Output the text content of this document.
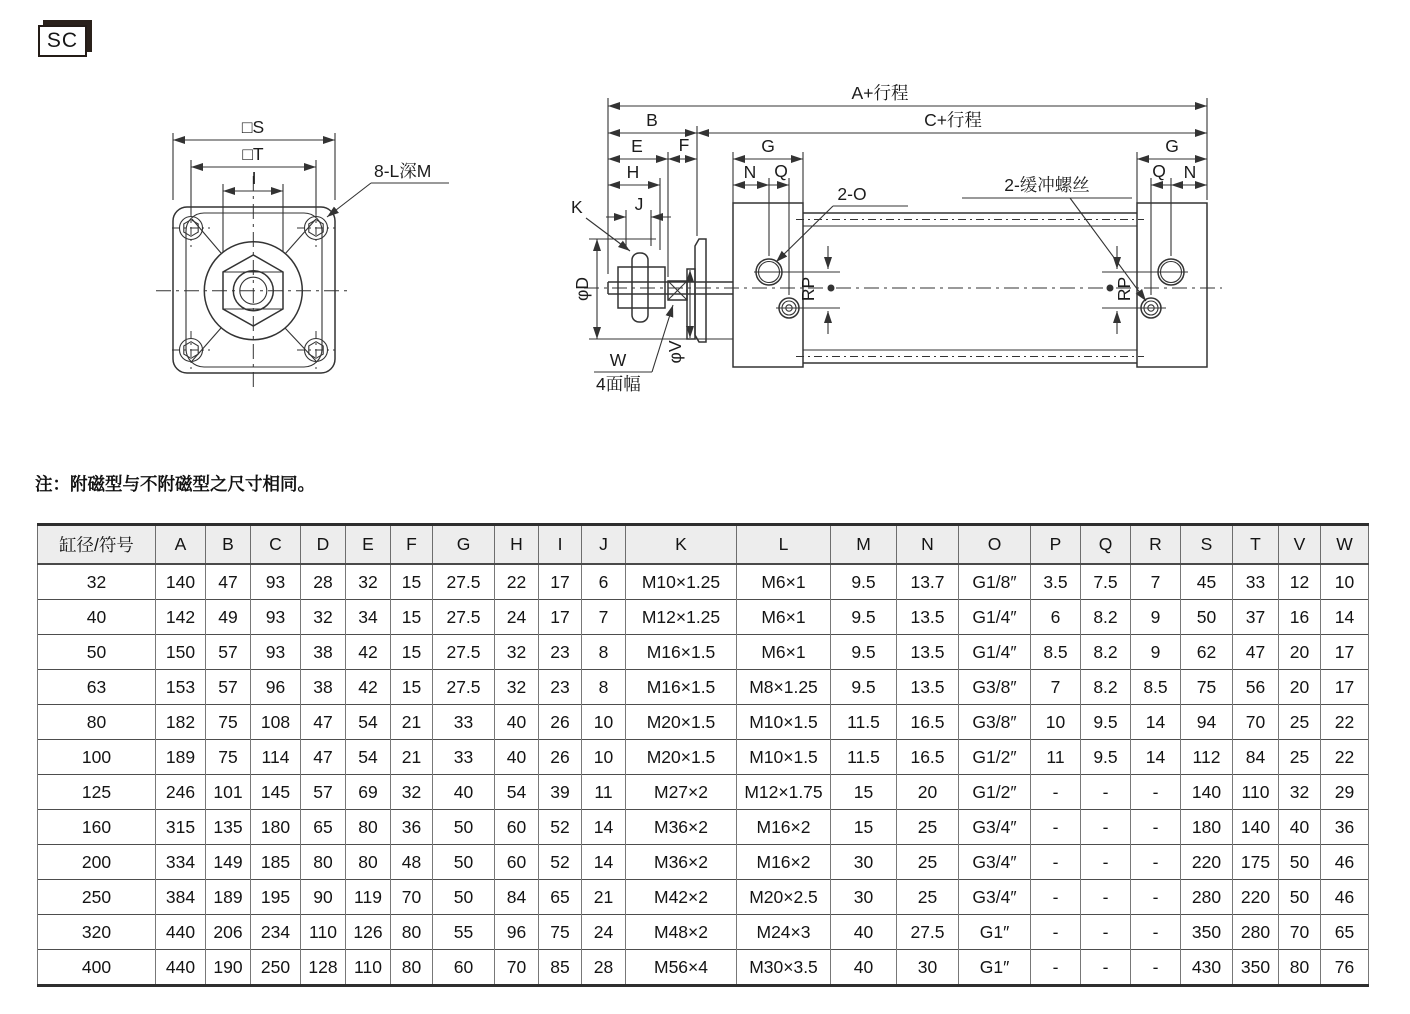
SC
□S
□T
I	8-L深M
A+行程
B	C+行程
E F	G	G
H	N Q	Q N
K	J
φD
φV
W
4面幅
2-O	2-缓冲螺丝
RP	RP
注：附磁型与不附磁型之尺寸相同。
缸径/符号	A	B	C	D	E	F	G	H	I	J	K	L	M	N	O	P	Q	R	S	T	V	W
32	140	47	93	28	32	15	27.5	22	17	6	M10×1.25	M6×1	9.5	13.7	G1/8″	3.5	7.5	7	45	33	12	10
40	142	49	93	32	34	15	27.5	24	17	7	M12×1.25	M6×1	9.5	13.5	G1/4″	6	8.2	9	50	37	16	14
50	150	57	93	38	42	15	27.5	32	23	8	M16×1.5	M6×1	9.5	13.5	G1/4″	8.5	8.2	9	62	47	20	17
63	153	57	96	38	42	15	27.5	32	23	8	M16×1.5	M8×1.25	9.5	13.5	G3/8″	7	8.2	8.5	75	56	20	17
80	182	75	108	47	54	21	33	40	26	10	M20×1.5	M10×1.5	11.5	16.5	G3/8″	10	9.5	14	94	70	25	22
100	189	75	114	47	54	21	33	40	26	10	M20×1.5	M10×1.5	11.5	16.5	G1/2″	11	9.5	14	112	84	25	22
125	246	101	145	57	69	32	40	54	39	11	M27×2	M12×1.75	15	20	G1/2″	-	-	-	140	110	32	29
160	315	135	180	65	80	36	50	60	52	14	M36×2	M16×2	15	25	G3/4″	-	-	-	180	140	40	36
200	334	149	185	80	80	48	50	60	52	14	M36×2	M16×2	30	25	G3/4″	-	-	-	220	175	50	46
250	384	189	195	90	119	70	50	84	65	21	M42×2	M20×2.5	30	25	G3/4″	-	-	-	280	220	50	46
320	440	206	234	110	126	80	55	96	75	24	M48×2	M24×3	40	27.5	G1″	-	-	-	350	280	70	65
400	440	190	250	128	110	80	60	70	85	28	M56×4	M30×3.5	40	30	G1″	-	-	-	430	350	80	76
